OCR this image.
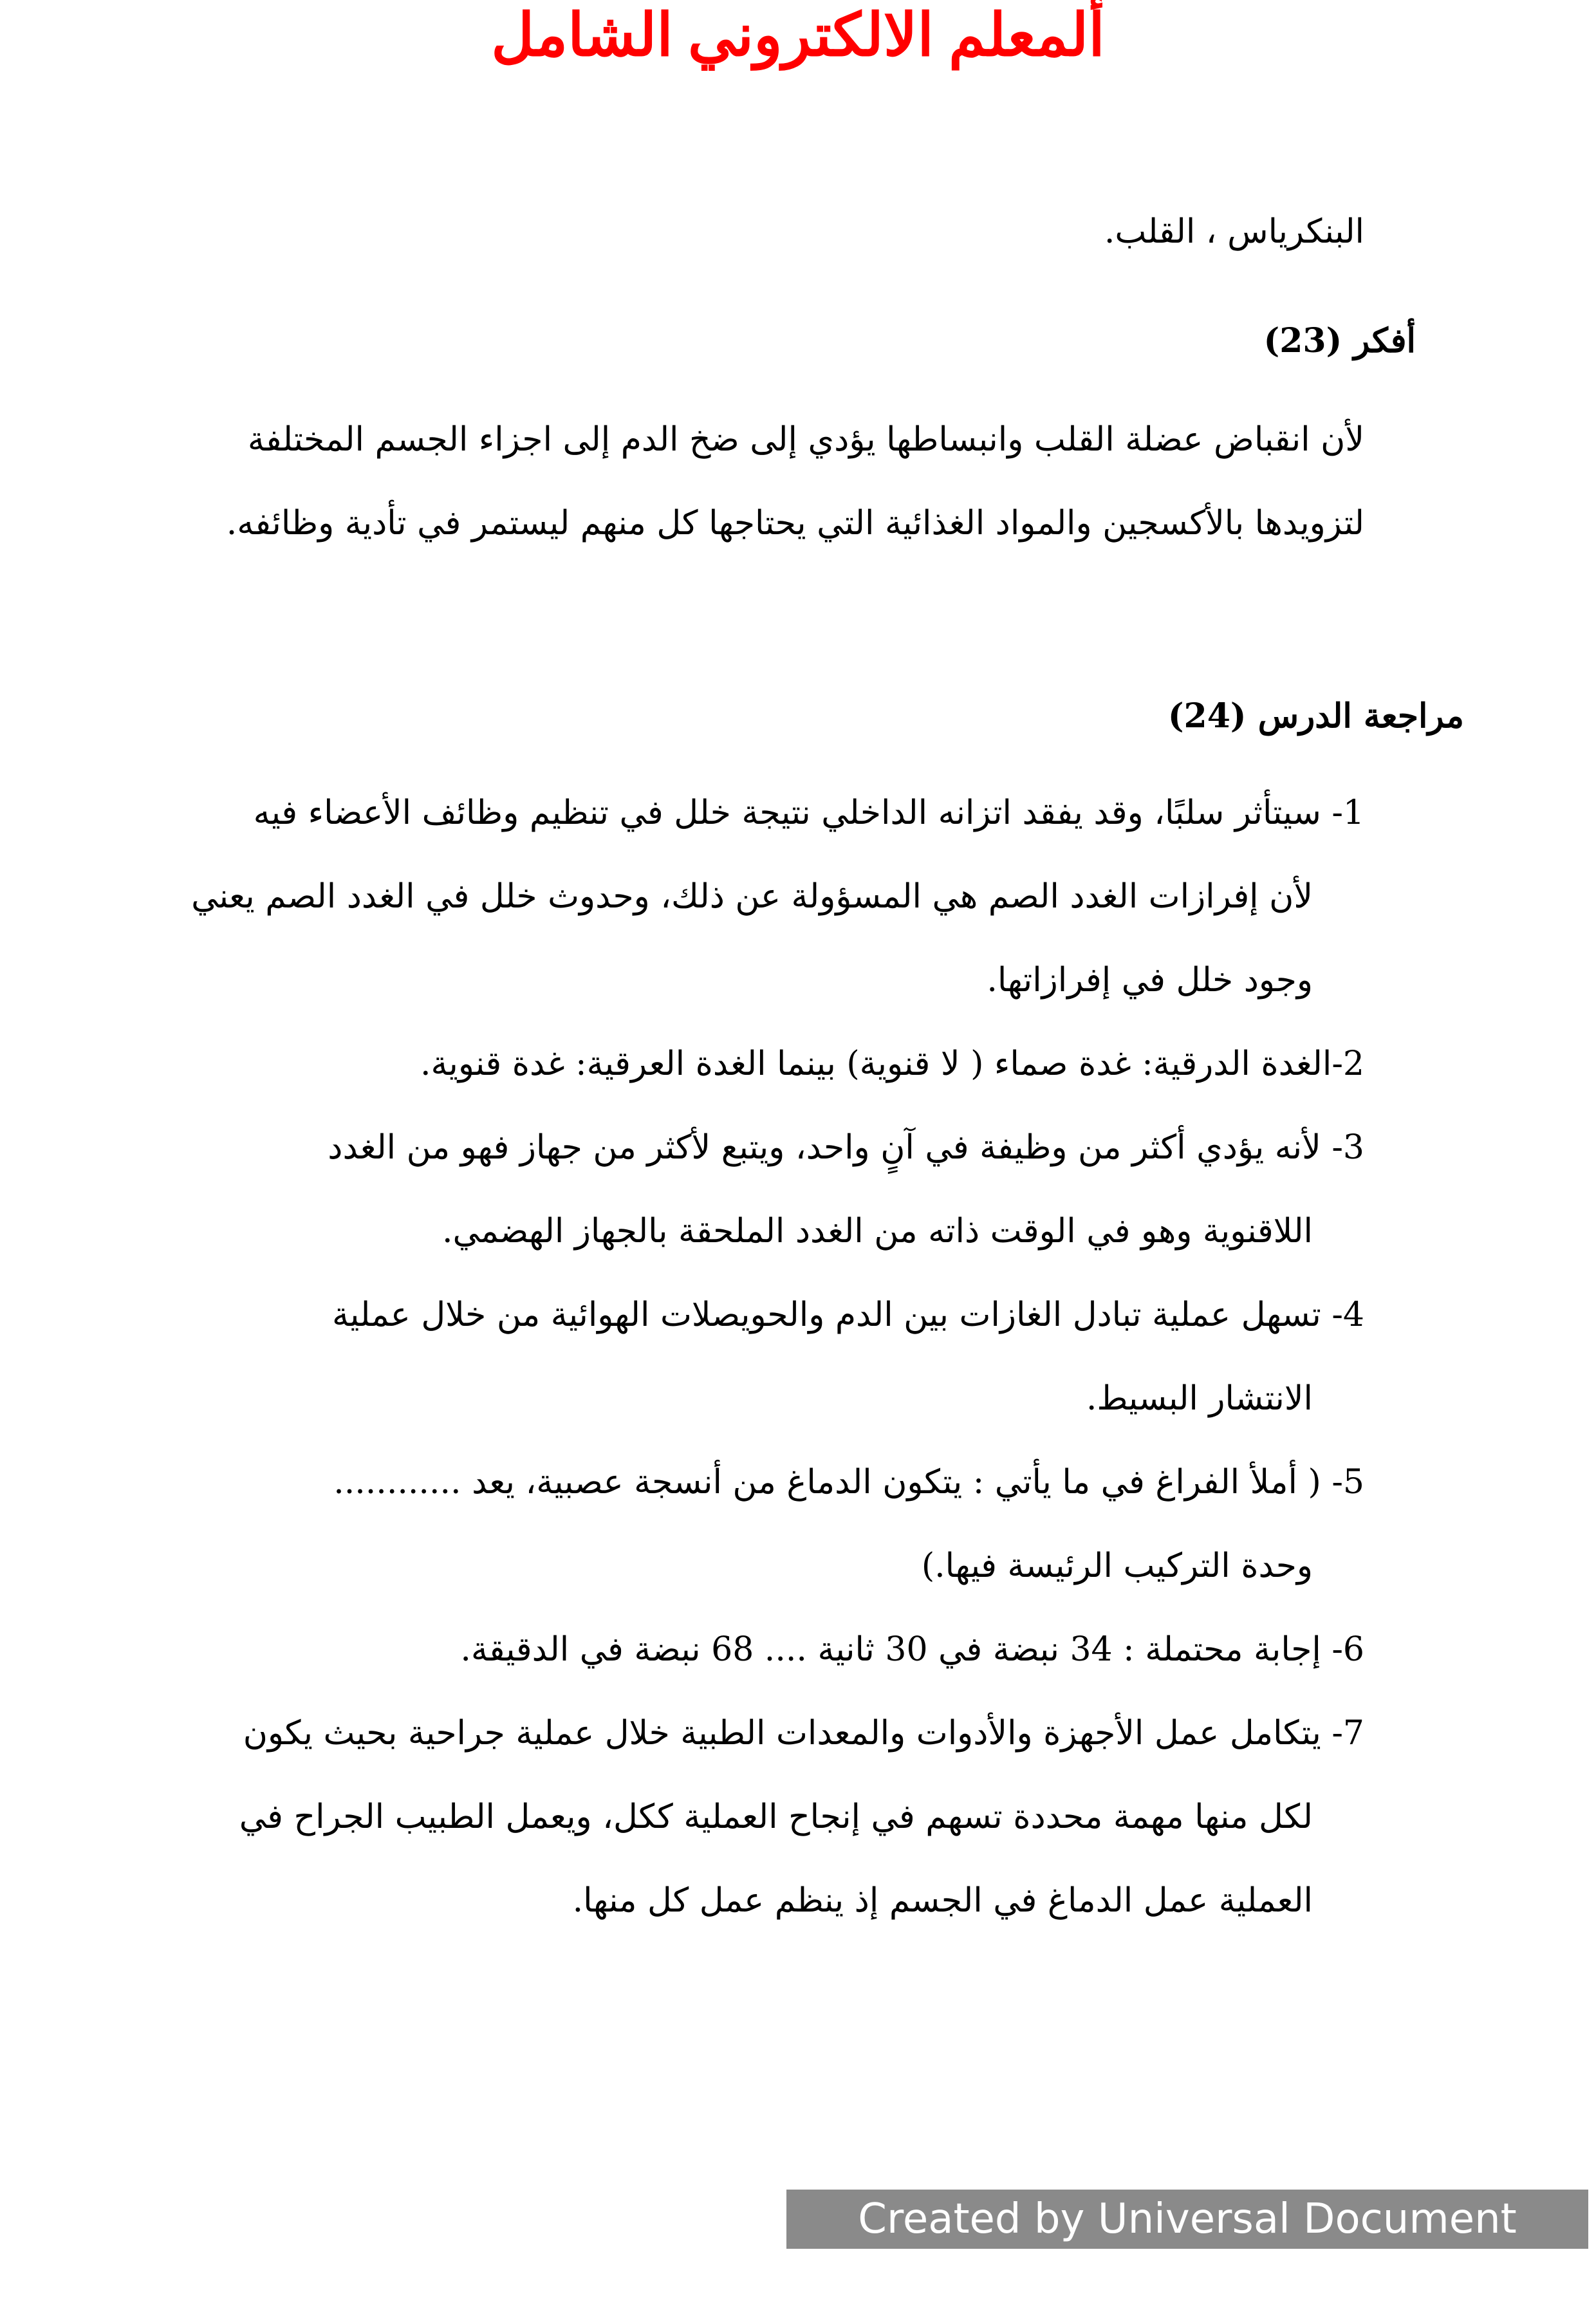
ألمعلم الالكتروني الشامل

البنكرياس ، القلب.

أفكر (23)

لأن انقباض عضلة القلب وانبساطها يؤدي إلى ضخ الدم إلى اجزاء الجسم المختلفة

لتزويدها بالأكسجين والمواد الغذائية التي يحتاجها كل منهم ليستمر في تأدية وظائفه.

مراجعة الدرس (24)

1- سيتأثر سلبًا، وقد يفقد اتزانه الداخلي نتيجة خلل في تنظيم وظائف الأعضاء فيه

لأن إفرازات الغدد الصم هي المسؤولة عن ذلك، وحدوث خلل في الغدد الصم يعني

وجود خلل في إفرازاتها.

2-الغدة الدرقية: غدة صماء ( لا قنوية) بينما الغدة العرقية: غدة قنوية.

3- لأنه يؤدي أكثر من وظيفة في آنٍ واحد، ويتبع لأكثر من جهاز فهو من الغدد

اللاقنوية وهو في الوقت ذاته من الغدد الملحقة بالجهاز الهضمي.

4- تسهل عملية تبادل الغازات بين الدم والحويصلات الهوائية من خلال عملية

الانتشار البسيط.

5- ( أملأ الفراغ في ما يأتي : يتكون الدماغ من أنسجة عصبية، يعد ............

وحدة التركيب الرئيسة فيها.)

6- إجابة محتملة : 34 نبضة في 30 ثانية .... 68 نبضة في الدقيقة.

7- يتكامل عمل الأجهزة والأدوات والمعدات الطبية خلال عملية جراحية بحيث يكون

لكل منها مهمة محددة تسهم في إنجاح العملية ككل، ويعمل الطبيب الجراح في

العملية عمل الدماغ في الجسم إذ ينظم عمل كل منها.

Created by Universal Document Converter
